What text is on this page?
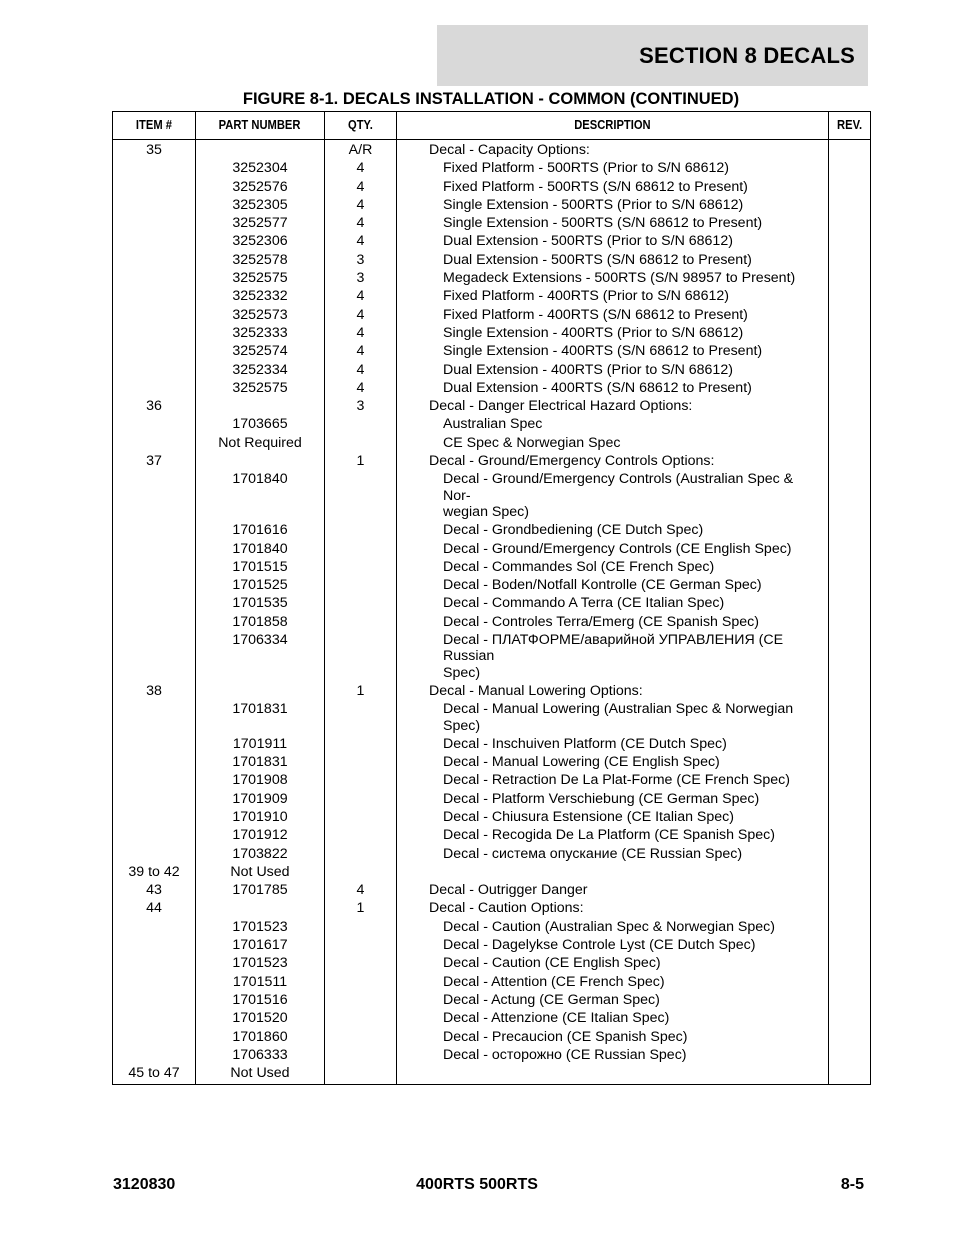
SECTION 8 DECALS
FIGURE 8-1. DECALS INSTALLATION - COMMON (CONTINUED)
ITEM #	PART NUMBER	QTY.	DESCRIPTION	REV.
35		A/R	Decal - Capacity Options:	

	3252304	4	Fixed Platform - 500RTS (Prior to S/N 68612)	

	3252576	4	Fixed Platform - 500RTS (S/N 68612 to Present)	

	3252305	4	Single Extension - 500RTS (Prior to S/N 68612)	

	3252577	4	Single Extension - 500RTS (S/N 68612 to Present)	

	3252306	4	Dual Extension - 500RTS (Prior to S/N 68612)	

	3252578	3	Dual Extension - 500RTS (S/N 68612 to Present)	

	3252575	3	Megadeck Extensions - 500RTS (S/N 98957 to Present)	

	3252332	4	Fixed Platform - 400RTS (Prior to S/N 68612)	

	3252573	4	Fixed Platform - 400RTS (S/N 68612 to Present)	

	3252333	4	Single Extension - 400RTS (Prior to S/N 68612)	

	3252574	4	Single Extension - 400RTS (S/N 68612 to Present)	

	3252334	4	Dual Extension - 400RTS (Prior to S/N 68612)	

	3252575	4	Dual Extension - 400RTS (S/N 68612 to Present)	

36		3	Decal - Danger Electrical Hazard Options:	

	1703665		Australian Spec	

	Not Required		CE Spec & Norwegian Spec	

37		1	Decal - Ground/Emergency Controls Options:	

	1701840		Decal - Ground/Emergency Controls (Australian Spec & Nor-
wegian Spec)	

	1701616		Decal - Grondbediening (CE Dutch Spec)	

	1701840		Decal - Ground/Emergency Controls (CE English Spec)	

	1701515		Decal - Commandes Sol (CE French Spec)	

	1701525		Decal - Boden/Notfall Kontrolle (CE German Spec)	

	1701535		Decal - Commando A Terra (CE Italian Spec)	

	1701858		Decal - Controles Terra/Emerg (CE Spanish Spec)	

	1706334		Decal - ПЛАТФОРМЕ/аварийной УПРАВЛЕНИЯ (CE Russian
Spec)	

38		1	Decal - Manual Lowering Options:	

	1701831		Decal - Manual Lowering (Australian Spec & Norwegian
Spec)	

	1701911		Decal - Inschuiven Platform (CE Dutch Spec)	

	1701831		Decal - Manual Lowering (CE English Spec)	

	1701908		Decal - Retraction De La Plat-Forme (CE French Spec)	

	1701909		Decal - Platform Verschiebung (CE German Spec)	

	1701910		Decal - Chiusura Estensione (CE Italian Spec)	

	1701912		Decal - Recogida De La Platform (CE Spanish Spec)	

	1703822		Decal - система опускание (CE Russian Spec)	

39 to 42	Not Used		

43	1701785	4	Decal - Outrigger Danger	

44		1	Decal - Caution Options:	

	1701523		Decal - Caution (Australian Spec & Norwegian Spec)	

	1701617		Decal - Dagelykse Controle Lyst (CE Dutch Spec)	

	1701523		Decal - Caution (CE English Spec)	

	1701511		Decal - Attention (CE French Spec)	

	1701516		Decal - Actung (CE German Spec)	

	1701520		Decal - Attenzione (CE Italian Spec)	

	1701860		Decal - Precaucion (CE Spanish Spec)	

	1706333		Decal - осторожно (CE Russian Spec)	

45 to 47	Not Used		

3120830	400RTS 500RTS	8-5
